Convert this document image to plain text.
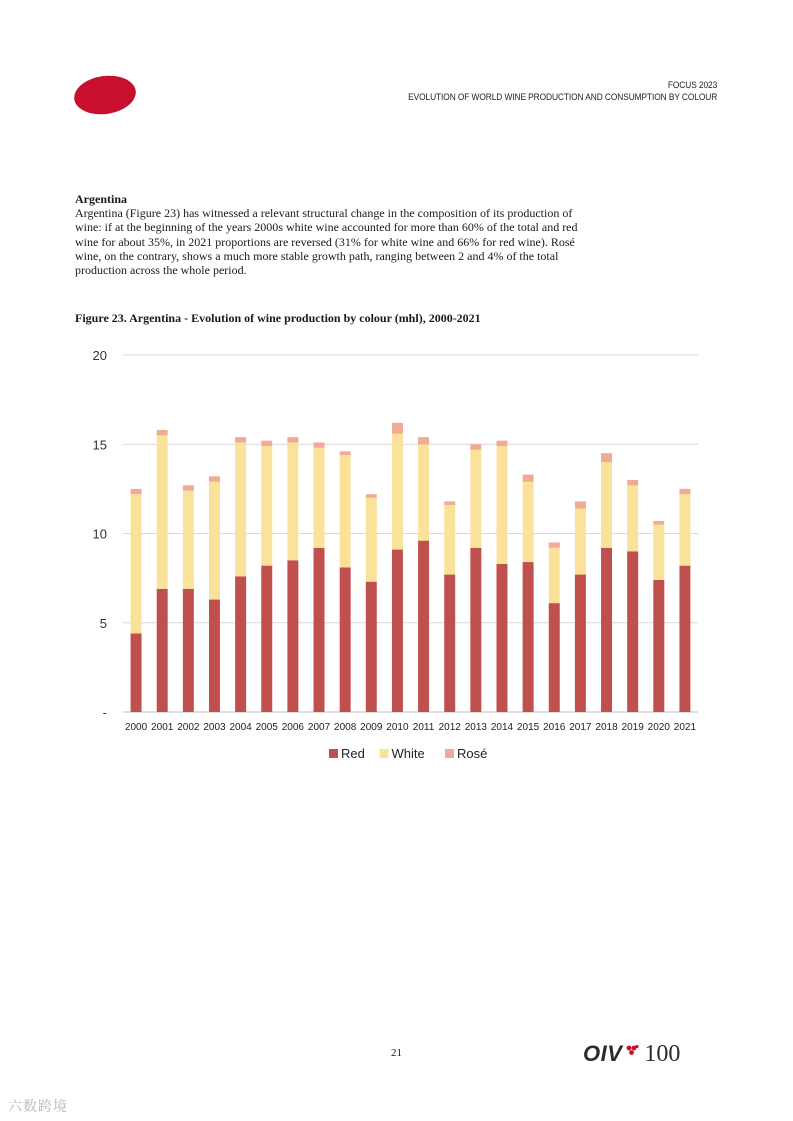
FOCUS 2023
EVOLUTION OF WORLD WINE PRODUCTION AND CONSUMPTION BY COLOUR
Argentina

Argentina (Figure 23) has witnessed a relevant structural change in the composition of its production of wine: if at the beginning of the years 2000s white wine accounted for more than 60% of the total and red wine for about 35%, in 2021 proportions are reversed (31% for white wine and 66% for red wine). Rosé wine, on the contrary, shows a much more stable growth path, ranging between 2 and 4% of the total production across the whole period.

Figure 23. Argentina - Evolution of wine production by colour (mhl), 2000-2021
-
5
10
15
20
2000 2001 2002 2003 2004 2005 2006 2007 2008 2009 2010 2011 2012 2013 2014 2015 2016 2017 2018 2019 2020 2021
Red White Rosé
21	OIV 100
六数跨境
